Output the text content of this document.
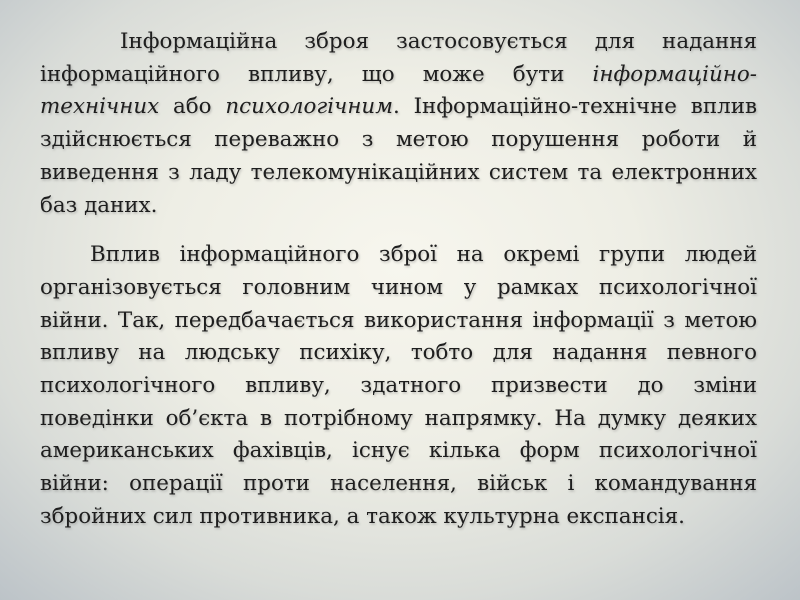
Інформаційна зброя застосовується для надання інформаційного впливу, що може бути інформаційно-технічних або психологічним. Інформаційно-технічне вплив здійснюється переважно з метою порушення роботи й виведення з ладу телекомунікаційних систем та електронних баз даних.

Вплив інформаційного зброї на окремі групи людей організовується головним чином у рамках психологічної війни. Так, передбачається використання інформації з метою впливу на людську психіку, тобто для надання певного психологічного впливу, здатного призвести до зміни поведінки об’єкта в потрібному напрямку. На думку деяких американських фахівців, існує кілька форм психологічної війни: операції проти населення, військ і командування збройних сил противника, а також культурна експансія.
